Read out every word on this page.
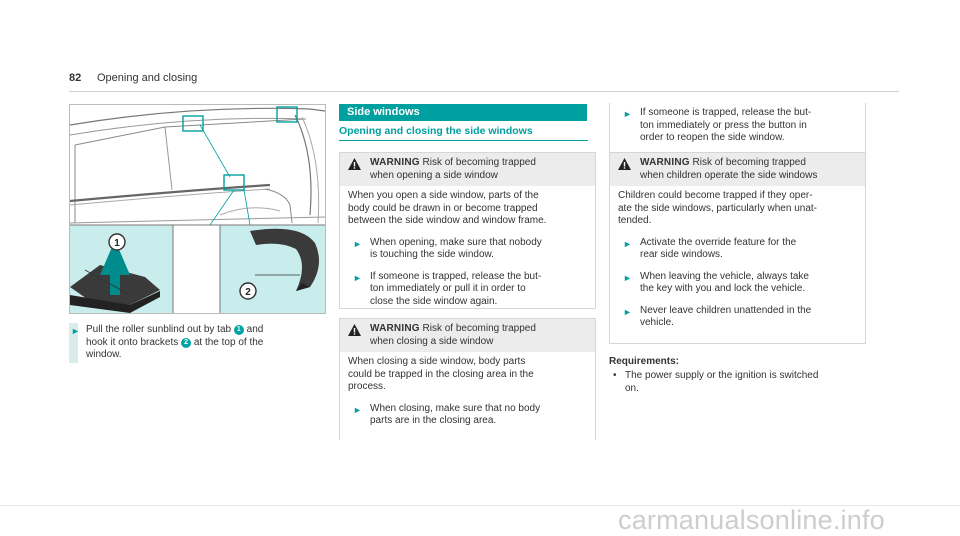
82 Opening and closing
1
2
► Pull the roller sunblind out by tab 1 and
hook it onto brackets 2 at the top of the
window.
Side windows
Opening and closing the side windows
WARNING Risk of becoming trapped
when opening a side window
When you open a side window, parts of the
body could be drawn in or become trapped
between the side window and window frame.
► When opening, make sure that nobody
is touching the side window.
► If someone is trapped, release the but-
ton immediately or pull it in order to
close the side window again.
WARNING Risk of becoming trapped
when closing a side window
When closing a side window, body parts
could be trapped in the closing area in the
process.
► When closing, make sure that no body
parts are in the closing area.
► If someone is trapped, release the but-
ton immediately or press the button in
order to reopen the side window.
WARNING Risk of becoming trapped
when children operate the side windows
Children could become trapped if they oper-
ate the side windows, particularly when unat-
tended.
► Activate the override feature for the
rear side windows.
► When leaving the vehicle, always take
the key with you and lock the vehicle.
► Never leave children unattended in the
vehicle.
Requirements:
• The power supply or the ignition is switched
on.
carmanualsonline.info
